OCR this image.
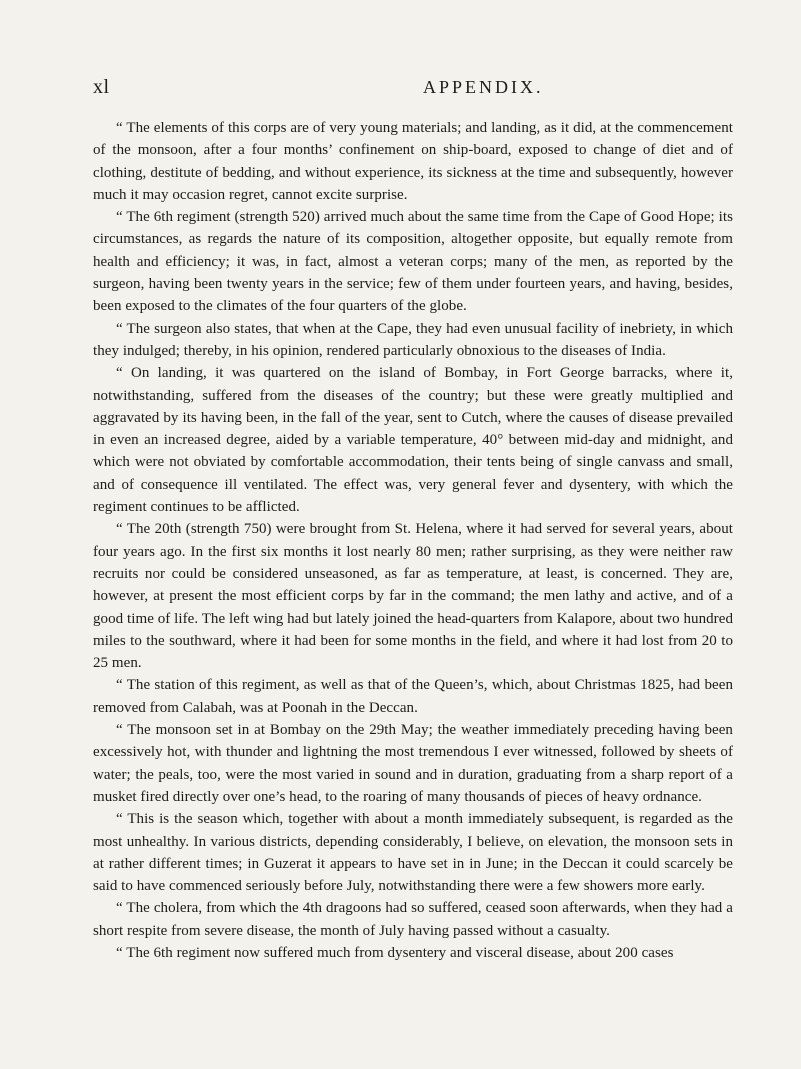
xl	APPENDIX.

“ The elements of this corps are of very young materials; and landing, as it did, at the commencement of the monsoon, after a four months’ confinement on ship-board, exposed to change of diet and of clothing, destitute of bedding, and without experience, its sickness at the time and subsequently, however much it may occasion regret, cannot excite surprise.

“ The 6th regiment (strength 520) arrived much about the same time from the Cape of Good Hope; its circumstances, as regards the nature of its composition, altogether opposite, but equally remote from health and efficiency; it was, in fact, almost a veteran corps; many of the men, as reported by the surgeon, having been twenty years in the service; few of them under fourteen years, and having, besides, been exposed to the climates of the four quarters of the globe.

“ The surgeon also states, that when at the Cape, they had even unusual facility of inebriety, in which they indulged; thereby, in his opinion, rendered particularly obnoxious to the diseases of India.

“ On landing, it was quartered on the island of Bombay, in Fort George barracks, where it, notwithstanding, suffered from the diseases of the country; but these were greatly multiplied and aggravated by its having been, in the fall of the year, sent to Cutch, where the causes of disease prevailed in even an increased degree, aided by a variable temperature, 40° between mid-day and midnight, and which were not obviated by comfortable accommodation, their tents being of single canvass and small, and of consequence ill ventilated. The effect was, very general fever and dysentery, with which the regiment continues to be afflicted.

“ The 20th (strength 750) were brought from St. Helena, where it had served for several years, about four years ago. In the first six months it lost nearly 80 men; rather surprising, as they were neither raw recruits nor could be considered unseasoned, as far as temperature, at least, is concerned. They are, however, at present the most efficient corps by far in the command; the men lathy and active, and of a good time of life. The left wing had but lately joined the head-quarters from Kalapore, about two hundred miles to the southward, where it had been for some months in the field, and where it had lost from 20 to 25 men.

“ The station of this regiment, as well as that of the Queen’s, which, about Christmas 1825, had been removed from Calabah, was at Poonah in the Deccan.

“ The monsoon set in at Bombay on the 29th May; the weather immediately preceding having been excessively hot, with thunder and lightning the most tremendous I ever witnessed, followed by sheets of water; the peals, too, were the most varied in sound and in duration, graduating from a sharp report of a musket fired directly over one’s head, to the roaring of many thousands of pieces of heavy ordnance.

“ This is the season which, together with about a month immediately subsequent, is regarded as the most unhealthy. In various districts, depending considerably, I believe, on elevation, the monsoon sets in at rather different times; in Guzerat it appears to have set in in June; in the Deccan it could scarcely be said to have commenced seriously before July, notwithstanding there were a few showers more early.

“ The cholera, from which the 4th dragoons had so suffered, ceased soon afterwards, when they had a short respite from severe disease, the month of July having passed without a casualty.

“ The 6th regiment now suffered much from dysentery and visceral disease, about 200 cases
